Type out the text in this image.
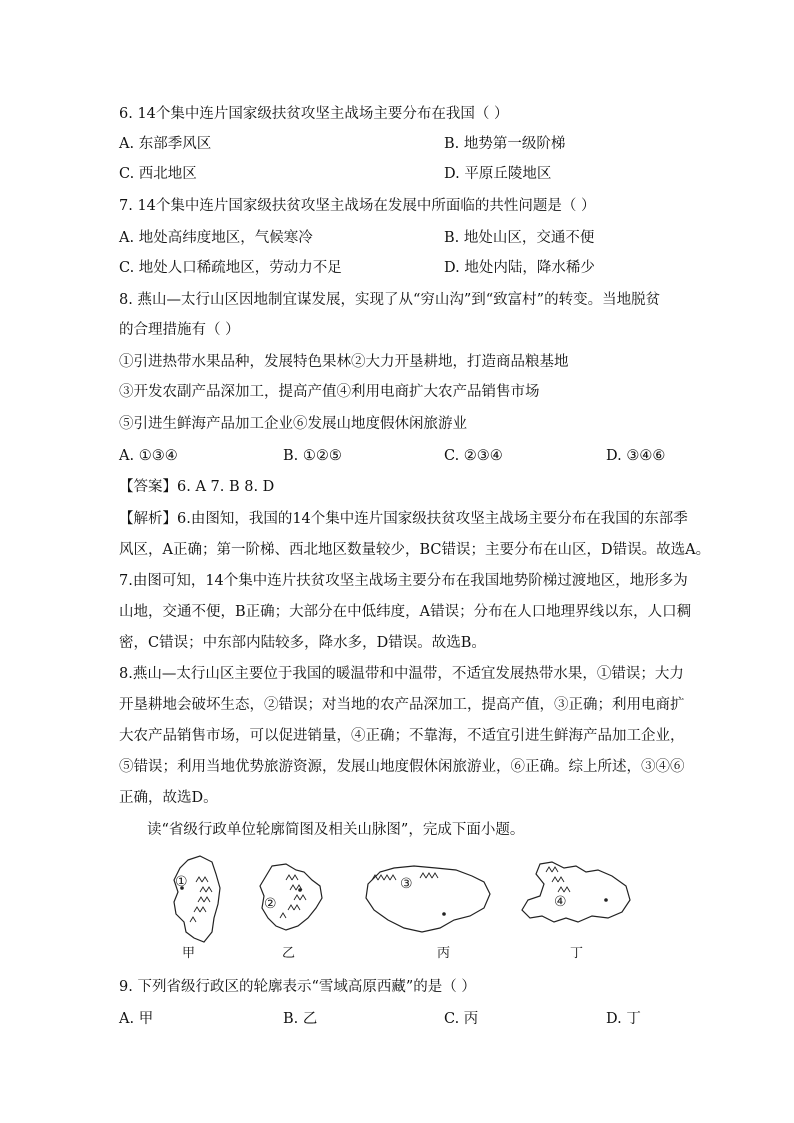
6. 14个集中连片国家级扶贫攻坚主战场主要分布在我国（ ）
A. 东部季风区	B. 地势第一级阶梯
C. 西北地区	D. 平原丘陵地区
7. 14个集中连片国家级扶贫攻坚主战场在发展中所面临的共性问题是（ ）
A. 地处高纬度地区，气候寒冷	B. 地处山区，交通不便
C. 地处人口稀疏地区，劳动力不足	D. 地处内陆，降水稀少
8. 燕山—太行山区因地制宜谋发展，实现了从“穷山沟”到“致富村”的转变。当地脱贫
的合理措施有（ ）
①引进热带水果品种，发展特色果林②大力开垦耕地，打造商品粮基地
③开发农副产品深加工，提高产值④利用电商扩大农产品销售市场
⑤引进生鲜海产品加工企业⑥发展山地度假休闲旅游业
A. ①③④	B. ①②⑤	C. ②③④	D. ③④⑥
【答案】6. A 7. B 8. D
【解析】6.由图知，我国的14个集中连片国家级扶贫攻坚主战场主要分布在我国的东部季
风区，A正确；第一阶梯、西北地区数量较少，BC错误；主要分布在山区，D错误。故选A。
7.由图可知，14个集中连片扶贫攻坚主战场主要分布在我国地势阶梯过渡地区，地形多为
山地，交通不便，B正确；大部分在中低纬度，A错误；分布在人口地理界线以东，人口稠
密，C错误；中东部内陆较多，降水多，D错误。故选B。
8.燕山—太行山区主要位于我国的暖温带和中温带，不适宜发展热带水果，①错误；大力
开垦耕地会破坏生态，②错误；对当地的农产品深加工，提高产值，③正确；利用电商扩
大农产品销售市场，可以促进销量，④正确；不靠海，不适宜引进生鲜海产品加工企业，
⑤错误；利用当地优势旅游资源，发展山地度假休闲旅游业，⑥正确。综上所述，③④⑥
正确，故选D。
读“省级行政单位轮廓简图及相关山脉图”，完成下面小题。
①
甲
②
乙
③
丙
④
丁
9. 下列省级行政区的轮廓表示“雪域高原西藏”的是（ ）
A. 甲	B. 乙	C. 丙	D. 丁
